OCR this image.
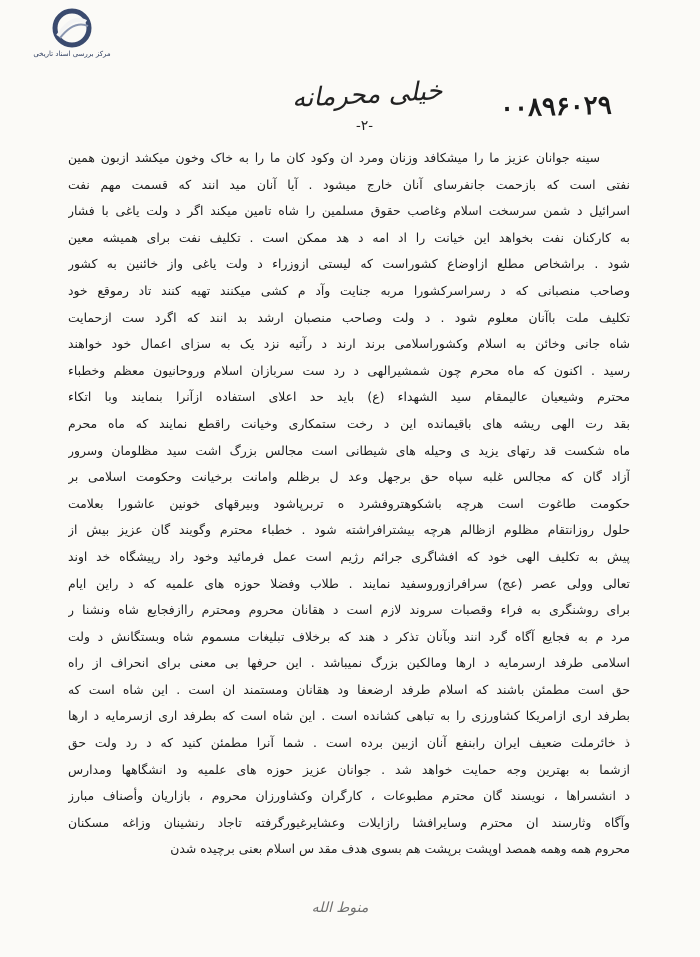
مرکز بررسی اسناد تاریخی
۰۰۸۹۶۰۲۹
خیلی محرمانه
-۲-
سینه جوانان عزیز ما را میشکافد وزنان ومرد ان وکود کان ما را به خاک وخون میکشد ازبون همین
نفتی است که بازحمت جانفرسای آنان خارج میشود . آیا آنان مید انند که قسمت مهم نفت
اسرائیل د شمن سرسخت اسلام وغاصب حقوق مسلمین را شاه تامین میکند اگر د ولت یاغی با فشار
به کارکنان نفت بخواهد این خیانت را اد امه د هد ممکن است . تکلیف نفت برای همیشه معین
شود . براشخاص مطلع ازاوضاع کشوراست که لیستی ازوزراء د ولت یاغی واز خائنین به کشور
وصاحب منصبانی که د رسراسرکشورا مربه جنایت وآد م کشی میکنند تهیه کنند تاد رموقع خود
تکلیف ملت باآنان معلوم شود . د ولت وصاحب منصبان ارشد بد انند که اگرد ست ازحمایت
شاه جانی وخائن به اسلام وکشوراسلامی برند ارند د رآتیه نزد یک به سزای اعمال خود خواهند
رسید . اکنون که ماه محرم چون شمشیرالهی د رد ست سربازان اسلام وروحانیون معظم وخطباء
محترم وشیعیان عالیمقام سید الشهداء (ع) باید حد اعلای استفاده ازآنرا بنمایند وبا اتکاء
بقد رت الهی ریشه های باقیمانده این د رخت ستمکاری وخیانت راقطع نمایند که ماه محرم
ماه شکست قد رتهای یزید ی وحیله های شیطانی است مجالس بزرگ اشت سید مظلومان وسرور
آزاد گان که مجالس غلبه سپاه حق برجهل وعد ل برظلم وامانت برخیانت وحکومت اسلامی بر
حکومت طاغوت است هرچه باشکوهتروفشرد ه تربرپاشود وبیرقهای خونین عاشورا بعلامت
حلول روزانتقام مظلوم ازظالم هرچه بیشترافراشته شود . خطباء محترم وگویند گان عزیز بیش از
پیش به تکلیف الهی خود که افشاگری جرائم رژیم است عمل فرمائید وخود راد رپیشگاه خد اوند
تعالی وولی عصر (عج) سرافرازوروسفید نمایند . طلاب وفضلا حوزه های علمیه که د راین ایام
برای روشنگری به فراء وقصبات سروند لازم است د هقانان محروم ومحترم راازفجایع شاه ونشنا ر
مرد م به فجایع آگاه گرد انند وبآنان تذکر د هند که برخلاف تبلیغات مسموم شاه وبستگانش د ولت
اسلامی طرفد ارسرمایه د ارها ومالکین بزرگ نمیباشد . این حرفها بی معنی برای انحراف از راه
حق است مطمئن باشند که اسلام طرفد ارضعفا ود هقانان ومستمند ان است . این شاه است که
بطرفد اری ازامریکا کشاورزی را به تباهی کشانده است . این شاه است که بطرفد اری ازسرمایه د ارها
ذ خائرملت ضعیف ایران رابنفع آنان ازبین برده است . شما آنرا مطمئن کنید که د رد ولت حق
ازشما به بهترین وجه حمایت خواهد شد . جوانان عزیز حوزه های علمیه ود انشگاهها ومدارس
د انشسراها ، نویسند گان محترم مطبوعات ، کارگران وکشاورزان محروم ، بازاریان وأصناف مبارز
وآگاه وثارسند ان محترم وسایرافشا رازایلات وعشایرغیورگرفته تاجاد رنشینان وزاغه مسکنان
محروم همه وهمه همصد اوپشت برپشت هم بسوی هدف مقد س اسلام بعنی برچیده شدن
منوط الله
